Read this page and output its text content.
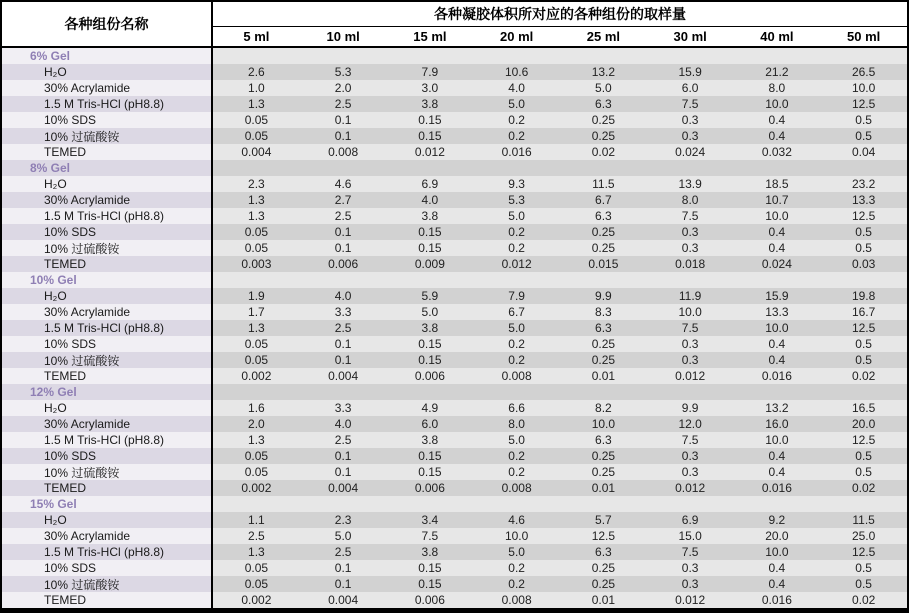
各种组份名称
各种凝胶体积所对应的各种组份的取样量
5 ml	10 ml	15 ml	20 ml	25 ml	30 ml	40 ml	50 ml
6% Gel
H₂O	2.6	5.3	7.9	10.6	13.2	15.9	21.2	26.5
30% Acrylamide	1.0	2.0	3.0	4.0	5.0	6.0	8.0	10.0
1.5 M Tris-HCl (pH8.8)	1.3	2.5	3.8	5.0	6.3	7.5	10.0	12.5
10% SDS	0.05	0.1	0.15	0.2	0.25	0.3	0.4	0.5
10% 过硫酸铵	0.05	0.1	0.15	0.2	0.25	0.3	0.4	0.5
TEMED	0.004	0.008	0.012	0.016	0.02	0.024	0.032	0.04
8% Gel
H₂O	2.3	4.6	6.9	9.3	11.5	13.9	18.5	23.2
30% Acrylamide	1.3	2.7	4.0	5.3	6.7	8.0	10.7	13.3
1.5 M Tris-HCl (pH8.8)	1.3	2.5	3.8	5.0	6.3	7.5	10.0	12.5
10% SDS	0.05	0.1	0.15	0.2	0.25	0.3	0.4	0.5
10% 过硫酸铵	0.05	0.1	0.15	0.2	0.25	0.3	0.4	0.5
TEMED	0.003	0.006	0.009	0.012	0.015	0.018	0.024	0.03
10% Gel
H₂O	1.9	4.0	5.9	7.9	9.9	11.9	15.9	19.8
30% Acrylamide	1.7	3.3	5.0	6.7	8.3	10.0	13.3	16.7
1.5 M Tris-HCl (pH8.8)	1.3	2.5	3.8	5.0	6.3	7.5	10.0	12.5
10% SDS	0.05	0.1	0.15	0.2	0.25	0.3	0.4	0.5
10% 过硫酸铵	0.05	0.1	0.15	0.2	0.25	0.3	0.4	0.5
TEMED	0.002	0.004	0.006	0.008	0.01	0.012	0.016	0.02
12% Gel
H₂O	1.6	3.3	4.9	6.6	8.2	9.9	13.2	16.5
30% Acrylamide	2.0	4.0	6.0	8.0	10.0	12.0	16.0	20.0
1.5 M Tris-HCl (pH8.8)	1.3	2.5	3.8	5.0	6.3	7.5	10.0	12.5
10% SDS	0.05	0.1	0.15	0.2	0.25	0.3	0.4	0.5
10% 过硫酸铵	0.05	0.1	0.15	0.2	0.25	0.3	0.4	0.5
TEMED	0.002	0.004	0.006	0.008	0.01	0.012	0.016	0.02
15% Gel
H₂O	1.1	2.3	3.4	4.6	5.7	6.9	9.2	11.5
30% Acrylamide	2.5	5.0	7.5	10.0	12.5	15.0	20.0	25.0
1.5 M Tris-HCl (pH8.8)	1.3	2.5	3.8	5.0	6.3	7.5	10.0	12.5
10% SDS	0.05	0.1	0.15	0.2	0.25	0.3	0.4	0.5
10% 过硫酸铵	0.05	0.1	0.15	0.2	0.25	0.3	0.4	0.5
TEMED	0.002	0.004	0.006	0.008	0.01	0.012	0.016	0.02
